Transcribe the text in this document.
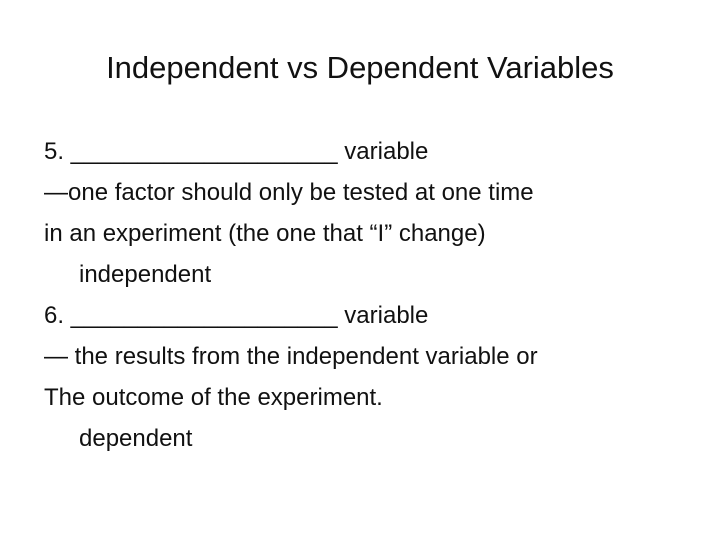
Independent vs Dependent Variables
5. ____________________ variable
—one factor should only be tested at one time
in an experiment (the one that “I” change)
independent
6. ____________________ variable
— the results from the independent variable or
The outcome of the experiment.
dependent
